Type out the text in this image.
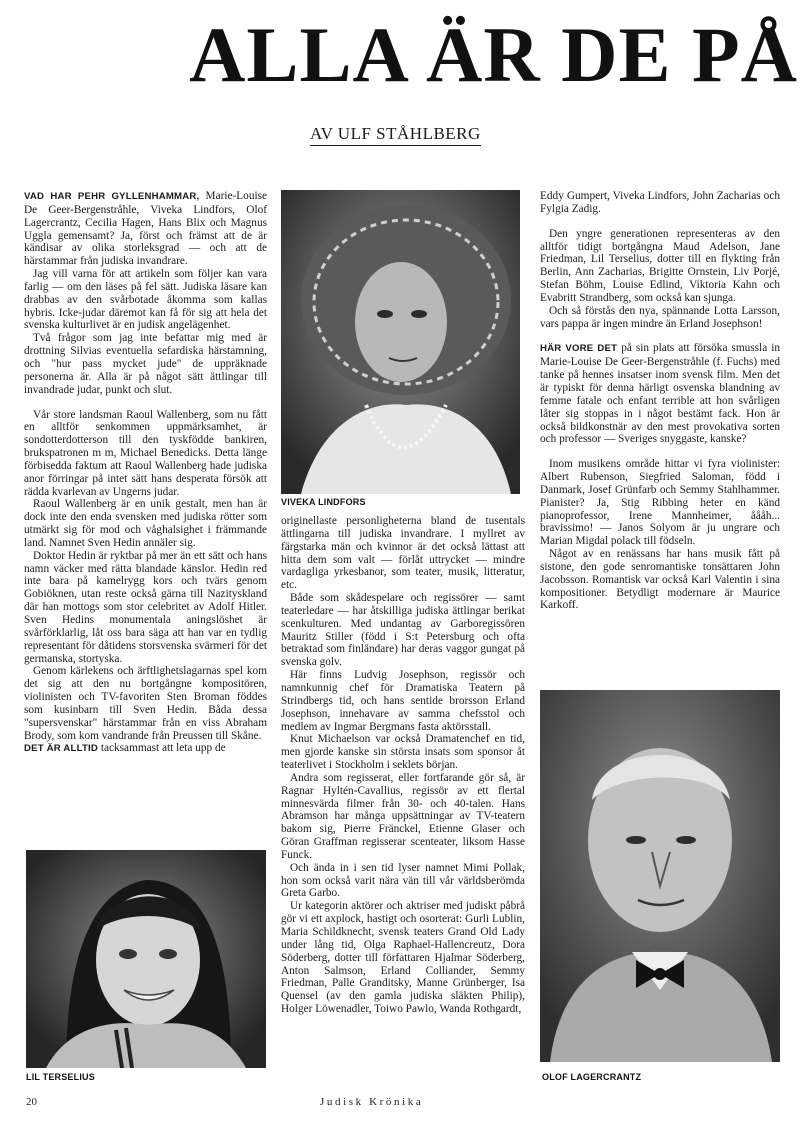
ALLA ÄR DE PÅ

AV ULF STÅHLBERG

VAD HAR PEHR GYLLENHAMMAR, Marie-Louise De Geer-Bergenstråhle, Viveka Lindfors, Olof Lagercrantz, Cecilia Hagen, Hans Blix och Magnus Uggla gemensamt? Ja, först och främst att de är kändisar av olika storleksgrad — och att de härstammar från judiska invandrare.

Jag vill varna för att artikeln som följer kan vara farlig — om den läses på fel sätt. Judiska läsare kan drabbas av den svårbotade åkomma som kallas hybris. Icke-judar däremot kan få för sig att hela det svenska kulturlivet är en judisk angelägenhet.

Två frågor som jag inte befattar mig med är drottning Silvias eventuella sefardiska härstamning, och "hur pass mycket jude" de uppräknade personerna är. Alla är på något sätt ättlingar till invandrade judar, punkt och slut.

Vår store landsman Raoul Wallenberg, som nu fått en alltför senkommen uppmärksamhet, är sondotterdotterson till den tyskfödde bankiren, brukspatronen m m, Michael Benedicks. Detta länge förbisedda faktum att Raoul Wallenberg hade judiska anor förringar på intet sätt hans desperata försök att rädda kvarlevan av Ungerns judar.

Raoul Wallenberg är en unik gestalt, men han är dock inte den enda svensken med judiska rötter som utmärkt sig för mod och våghalsighet i främmande land. Namnet Sven Hedin annäler sig.

Doktor Hedin är ryktbar på mer än ett sätt och hans namn väcker med rätta blandade känslor. Hedin red inte bara på kamelrygg kors och tvärs genom Gobiöknen, utan reste också gärna till Nazityskland där han mottogs som stor celebritet av Adolf Hitler. Sven Hedins monumentala aningslöshet är svårförklarlig, låt oss bara säga att han var en tydlig representant för dåtidens storsvenska svärmeri för det germanska, stortyska.

Genom kärlekens och ärftlighetslagarnas spel kom det sig att den nu bortgångne kompositören, violinisten och TV-favoriten Sten Broman föddes som kusinbarn till Sven Hedin. Båda dessa "supersvenskar" härstammar från en viss Abraham Brody, som kom vandrande från Preussen till Skåne.

DET ÄR ALLTID tacksammast att leta upp de

LIL TERSELIUS

VIVEKA LINDFORS

originellaste personligheterna bland de tusentals ättlingarna till judiska invandrare. I myllret av färgstarka män och kvinnor är det också lättast att hitta dem som valt — förlåt uttrycket — mindre vardagliga yrkesbanor, som teater, musik, litteratur, etc.

Både som skådespelare och regissörer — samt teaterledare — har åtskilliga judiska ättlingar berikat scenkulturen. Med undantag av Garboregissören Mauritz Stiller (född i S:t Petersburg och ofta betraktad som finländare) har deras vaggor gungat på svenska golv.

Här finns Ludvig Josephson, regissör och namnkunnig chef för Dramatiska Teatern på Strindbergs tid, och hans sentide brorsson Erland Josephson, innehavare av samma chefsstol och medlem av Ingmar Bergmans fasta aktörsstall.

Knut Michaelson var också Dramatenchef en tid, men gjorde kanske sin största insats som sponsor åt teaterlivet i Stockholm i seklets början.

Andra som regisserat, eller fortfarande gör så, är Ragnar Hyltén-Cavallius, regissör av ett flertal minnesvärda filmer från 30- och 40-talen. Hans Abramson har många uppsättningar av TV-teatern bakom sig, Pierre Fränckel, Etienne Glaser och Göran Graffman regisserar scenteater, liksom Hasse Funck.

Och ända in i sen tid lyser namnet Mimi Pollak, hon som också varit nära vän till vår världsberömda Greta Garbo.

Ur kategorin aktörer och aktriser med judiskt påbrå gör vi ett axplock, hastigt och osorterat: Gurli Lublin, Maria Schildknecht, svensk teaters Grand Old Lady under lång tid, Olga Raphael-Hallencreutz, Dora Söderberg, dotter till författaren Hjalmar Söderberg, Anton Salmson, Erland Colliander, Semmy Friedman, Palle Granditsky, Manne Grünberger, Isa Quensel (av den gamla judiska släkten Philip), Holger Löwenadler, Toiwo Pawlo, Wanda Rothgardt,

Eddy Gumpert, Viveka Lindfors, John Zacharias och Fylgia Zadig.

Den yngre generationen representeras av den alltför tidigt bortgångna Maud Adelson, Jane Friedman, Lil Terselius, dotter till en flykting från Berlin, Ann Zacharias, Brigitte Ornstein, Liv Porjé, Stefan Böhm, Louise Edlind, Viktoria Kahn och Evabritt Strandberg, som också kan sjunga.

Och så förstås den nya, spännande Lotta Larsson, vars pappa är ingen mindre än Erland Josephson!

HÄR VORE DET på sin plats att försöka smussla in Marie-Louise De Geer-Bergenstråhle (f. Fuchs) med tanke på hennes insatser inom svensk film. Men det är typiskt för denna härligt osvenska blandning av femme fatale och enfant terrible att hon svårligen låter sig stoppas in i något bestämt fack. Hon är också bildkonstnär av den mest provokativa sorten och professor — Sveriges snyggaste, kanske?

Inom musikens område hittar vi fyra violinister: Albert Rubenson, Siegfried Saloman, född i Danmark, Josef Grünfarb och Semmy Stahlhammer. Pianister? Ja, Stig Ribbing heter en känd pianoprofessor, Irene Mannheimer, åååh... bravissimo! — Janos Solyom är ju ungrare och Marian Migdal polack till födseln.

Något av en renässans har hans musik fått på sistone, den gode senromantiske tonsättaren John Jacobsson. Romantisk var också Karl Valentin i sina kompositioner. Betydligt modernare är Maurice Karkoff.

OLOF LAGERCRANTZ

20	Judisk Krönika
